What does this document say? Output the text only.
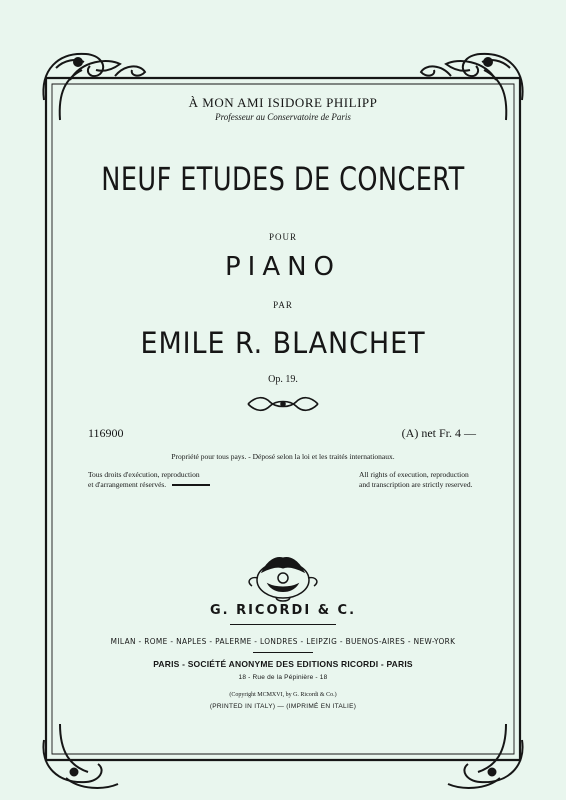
À MON AMI ISIDORE PHILIPP
Professeur au Conservatoire de Paris
NEUF ETUDES DE CONCERT
POUR
PIANO
PAR
EMILE R. BLANCHET
Op. 19.
116900	(A) net Fr. 4 —
Propriété pour tous pays. - Déposé selon la loi et les traités internationaux.
Tous droits d'exécution, reproduction
et d'arrangement réservés.
All rights of execution, reproduction
and transcription are strictly reserved.
G. RICORDI & C.
MILAN - ROME - NAPLES - PALERME - LONDRES - LEIPZIG - BUENOS-AIRES - NEW-YORK
PARIS - SOCIÉTÉ ANONYME DES EDITIONS RICORDI - PARIS
18 - Rue de la Pépinière - 18
(Copyright MCMXVI, by G. Ricordi & Co.)
(PRINTED IN ITALY) — (IMPRIMÉ EN ITALIE)
